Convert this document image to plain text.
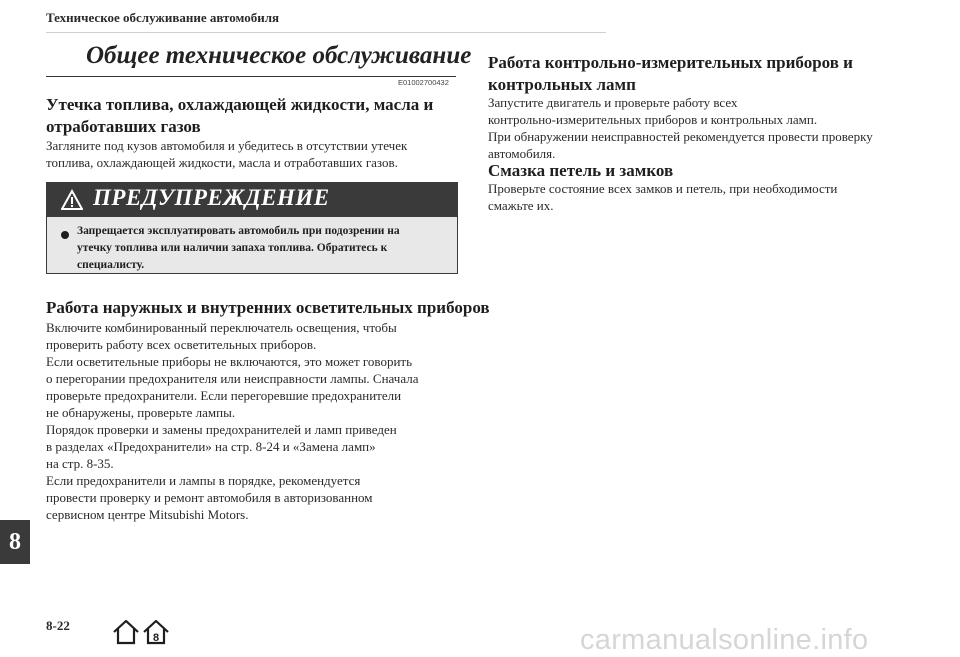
Техническое обслуживание автомобиля
Общее техническое обслуживание
E01002700432
Утечка топлива, охлаждающей жидкости, масла и
отработавших газов
Загляните под кузов автомобиля и убедитесь в отсутствии утечек
топлива, охлаждающей жидкости, масла и отработавших газов.
ПРЕДУПРЕЖДЕНИЕ
Запрещается эксплуатировать автомобиль при подозрении на
утечку топлива или наличии запаха топлива. Обратитесь к
специалисту.
Работа наружных и внутренних осветительных приборов
Включите комбинированный переключатель освещения, чтобы
проверить работу всех осветительных приборов.
Если осветительные приборы не включаются, это может говорить
о перегорании предохранителя или неисправности лампы. Сначала
проверьте предохранители. Если перегоревшие предохранители
не обнаружены, проверьте лампы.
Порядок проверки и замены предохранителей и ламп приведен
в разделах «Предохранители» на стр. 8-24 и «Замена ламп»
на стр. 8-35.
Если предохранители и лампы в порядке, рекомендуется
провести проверку и ремонт автомобиля в авторизованном
сервисном центре Mitsubishi Motors.
Работа контрольно-измерительных приборов и
контрольных ламп
Запустите двигатель и проверьте работу всех
контрольно-измерительных приборов и контрольных ламп.
При обнаружении неисправностей рекомендуется провести проверку
автомобиля.
Смазка петель и замков
Проверьте состояние всех замков и петель, при необходимости
смажьте их.
8
8-22
8	carmanualsonline.info
